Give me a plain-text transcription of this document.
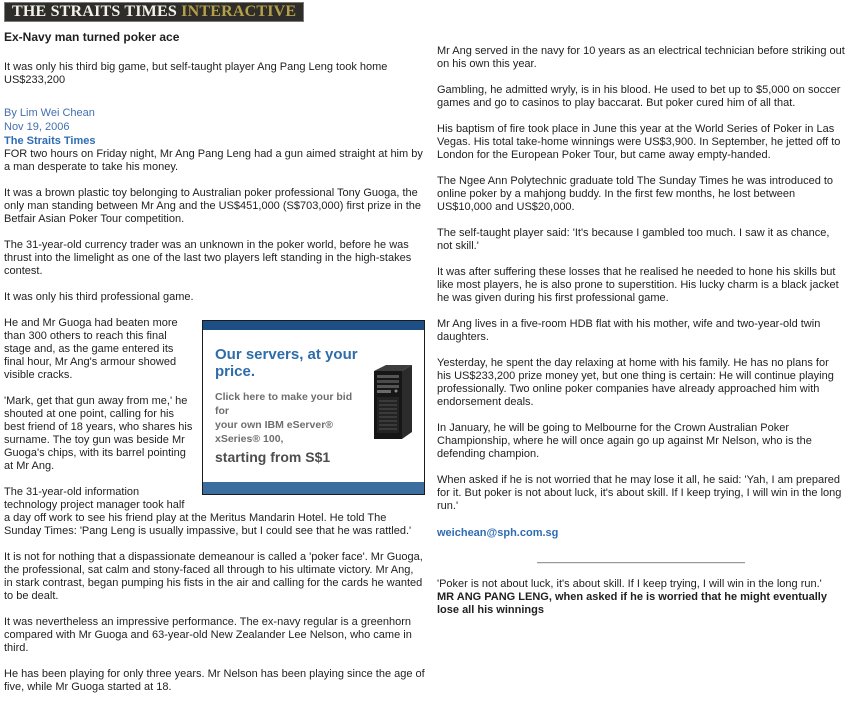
THE STRAITS TIMES INTERACTIVE
Ex-Navy man turned poker ace
It was only his third big game, but self-taught player Ang Pang Leng took home US$233,200
By Lim Wei Chean
Nov 19, 2006
The Straits Times

FOR two hours on Friday night, Mr Ang Pang Leng had a gun aimed straight at him by a man desperate to take his money.

It was a brown plastic toy belonging to Australian poker professional Tony Guoga, the only man standing between Mr Ang and the US$451,000 (S$703,000) first prize in the Betfair Asian Poker Tour competition.

The 31-year-old currency trader was an unknown in the poker world, before he was thrust into the limelight as one of the last two players left standing in the high-stakes contest.

It was only his third professional game.

Our servers, at your price.
Click here to make your bid for
your own IBM eServer® xSeries® 100,
starting from S$1

He and Mr Guoga had beaten more than 300 others to reach this final stage and, as the game entered its final hour, Mr Ang's armour showed visible cracks.

'Mark, get that gun away from me,' he shouted at one point, calling for his best friend of 18 years, who shares his surname. The toy gun was beside Mr Guoga's chips, with its barrel pointing at Mr Ang.

The 31-year-old information technology project manager took half a day off work to see his friend play at the Meritus Mandarin Hotel. He told The Sunday Times: 'Pang Leng is usually impassive, but I could see that he was rattled.'

It is not for nothing that a dispassionate demeanour is called a 'poker face'. Mr Guoga, the professional, sat calm and stony-faced all through to his ultimate victory. Mr Ang, in stark contrast, began pumping his fists in the air and calling for the cards he wanted to be dealt.

It was nevertheless an impressive performance. The ex-navy regular is a greenhorn compared with Mr Guoga and 63-year-old New Zealander Lee Nelson, who came in third.

He has been playing for only three years. Mr Nelson has been playing since the age of five, while Mr Guoga started at 18.

Mr Ang served in the navy for 10 years as an electrical technician before striking out on his own this year.

Gambling, he admitted wryly, is in his blood. He used to bet up to $5,000 on soccer games and go to casinos to play baccarat. But poker cured him of all that.

His baptism of fire took place in June this year at the World Series of Poker in Las Vegas. His total take-home winnings were US$3,900. In September, he jetted off to London for the European Poker Tour, but came away empty-handed.

The Ngee Ann Polytechnic graduate told The Sunday Times he was introduced to online poker by a mahjong buddy. In the first few months, he lost between US$10,000 and US$20,000.

The self-taught player said: 'It's because I gambled too much. I saw it as chance, not skill.'

It was after suffering these losses that he realised he needed to hone his skills but like most players, he is also prone to superstition. His lucky charm is a black jacket he was given during his first professional game.

Mr Ang lives in a five-room HDB flat with his mother, wife and two-year-old twin daughters.

Yesterday, he spent the day relaxing at home with his family. He has no plans for his US$233,200 prize money yet, but one thing is certain: He will continue playing professionally. Two online poker companies have already approached him with endorsement deals.

In January, he will be going to Melbourne for the Crown Australian Poker Championship, where he will once again go up against Mr Nelson, who is the defending champion.

When asked if he is not worried that he may lose it all, he said: 'Yah, I am prepared for it. But poker is not about luck, it's about skill. If I keep trying, I will win in the long run.'

weichean@sph.com.sg
'Poker is not about luck, it's about skill. If I keep trying, I will win in the long run.'
MR ANG PANG LENG, when asked if he is worried that he might eventually lose all his winnings
